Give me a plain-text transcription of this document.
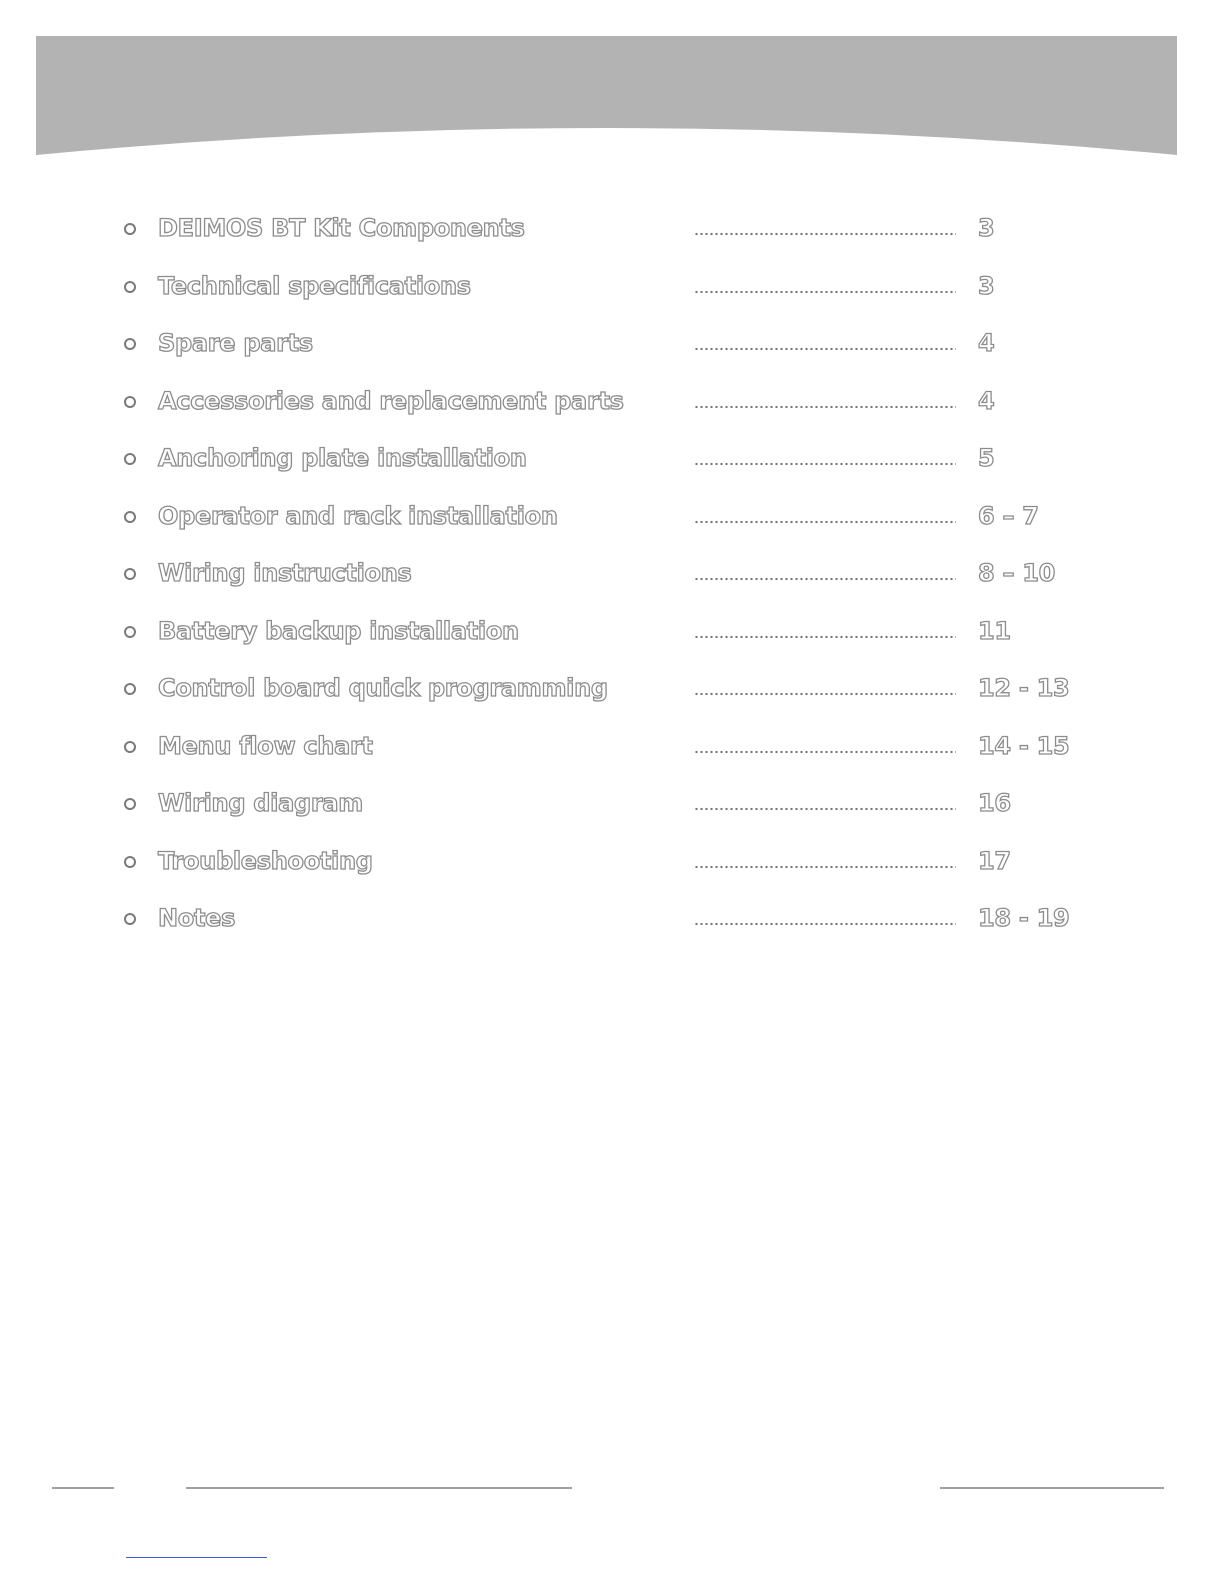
DEIMOS BT Kit Components	3
Technical specifications	3
Spare parts	4
Accessories and replacement parts	4
Anchoring plate installation	5
Operator and rack installation	6 – 7
Wiring instructions	8 – 10
Battery backup installation	11
Control board quick programming	12 - 13
Menu flow chart	14 - 15
Wiring diagram	16
Troubleshooting	17
Notes	18 - 19
